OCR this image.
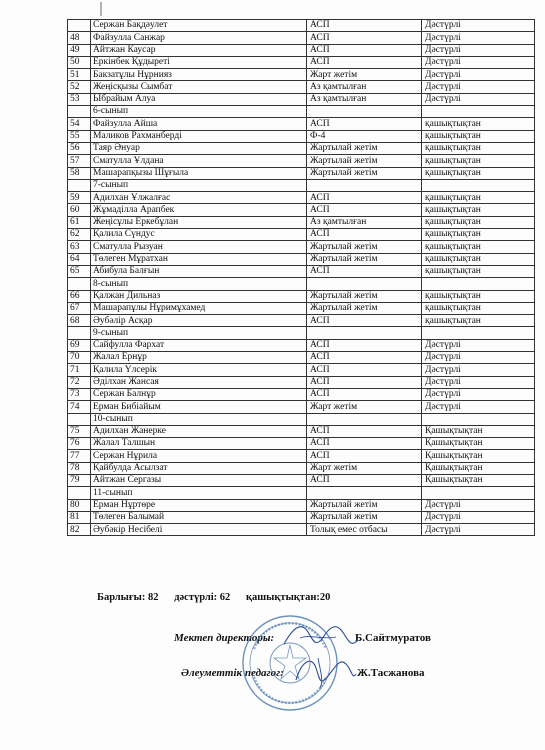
	Сержан Бақдәулет	АСП	Дәстүрлі
48	Файзулла Санжар	АСП	Дәстүрлі
49	Айтжан Каусар	АСП	Дәстүрлі
50	Еркінбек Құдыреті	АСП	Дәстүрлі
51	Бакзатұлы Нұрнияз	Жарт жетім	Дәстүрлі
52	Жеңісқызы Сымбат	Аз қамтылған	Дәстүрлі
53	Ыбрайым Алуа	Аз қамтылған	Дәстүрлі
	6-сынып		
54	Файзулла Айша	АСП	қашықтықтан
55	Маликов Рахманберді	Ф-4	қашықтықтан
56	Таяр Әнуар	Жартылай жетім	қашықтықтан
57	Сматулла Ұлдана	Жартылай жетім	қашықтықтан
58	Машарапқызы Шұғыла	Жартылай жетім	қашықтықтан
	7-сынып		
59	Адилхан Ұлжалғас	АСП	қашықтықтан
60	Жұмаділла Арапбек	АСП	қашықтықтан
61	Жеңісұлы Еркебұлан	Аз қамтылған	қашықтықтан
62	Қалила Сүндус	АСП	қашықтықтан
63	Сматулла Рызуан	Жартылай жетім	қашықтықтан
64	Төлеген Мұратхан	Жартылай жетім	қашықтықтан
65	Абибула Балғын	АСП	қашықтықтан
	8-сынып		
66	Қалжан Дильназ	Жартылай жетім	қашықтықтан
67	Машарапұлы Нұримұхамед	Жартылай жетім	қашықтықтан
68	Әубәлір Асқар	АСП	қашықтықтан
	9-сынып		
69	Сайфулла Фархат	АСП	Дәстүрлі
70	Жалал Ернұр	АСП	Дәстүрлі
71	Қалила Үлсерік	АСП	Дәстүрлі
72	Әділхан Жансая	АСП	Дәстүрлі
73	Сержан Балнұр	АСП	Дәстүрлі
74	Ерман Бибіайым	Жарт жетім	Дәстүрлі
	10-сынып		
75	Адилхан Жанерке	АСП	Қашықтықтан
76	Жалал Талшын	АСП	Қашықтықтан
77	Сержан Нұрила	АСП	Қашықтықтан
78	Қайбулда Асылзат	Жарт жетім	Қашықтықтан
79	Айтжан Сергазы	АСП	Қашықтықтан
	11-сынып		
80	Ерман Нұртөре	Жартылай жетім	Дәстүрлі
81	Төлеген Балымай	Жартылай жетім	Дәстүрлі
82	Әубәкір Несібелі	Толық емес отбасы	Дәстүрлі
Барлығы: 82      дәстүрлі: 62      қашықтықтан:20
Мектеп директоры:	Б.Сайтмуратов
Әлеуметтік педагог:	Ж.Тасжанова
